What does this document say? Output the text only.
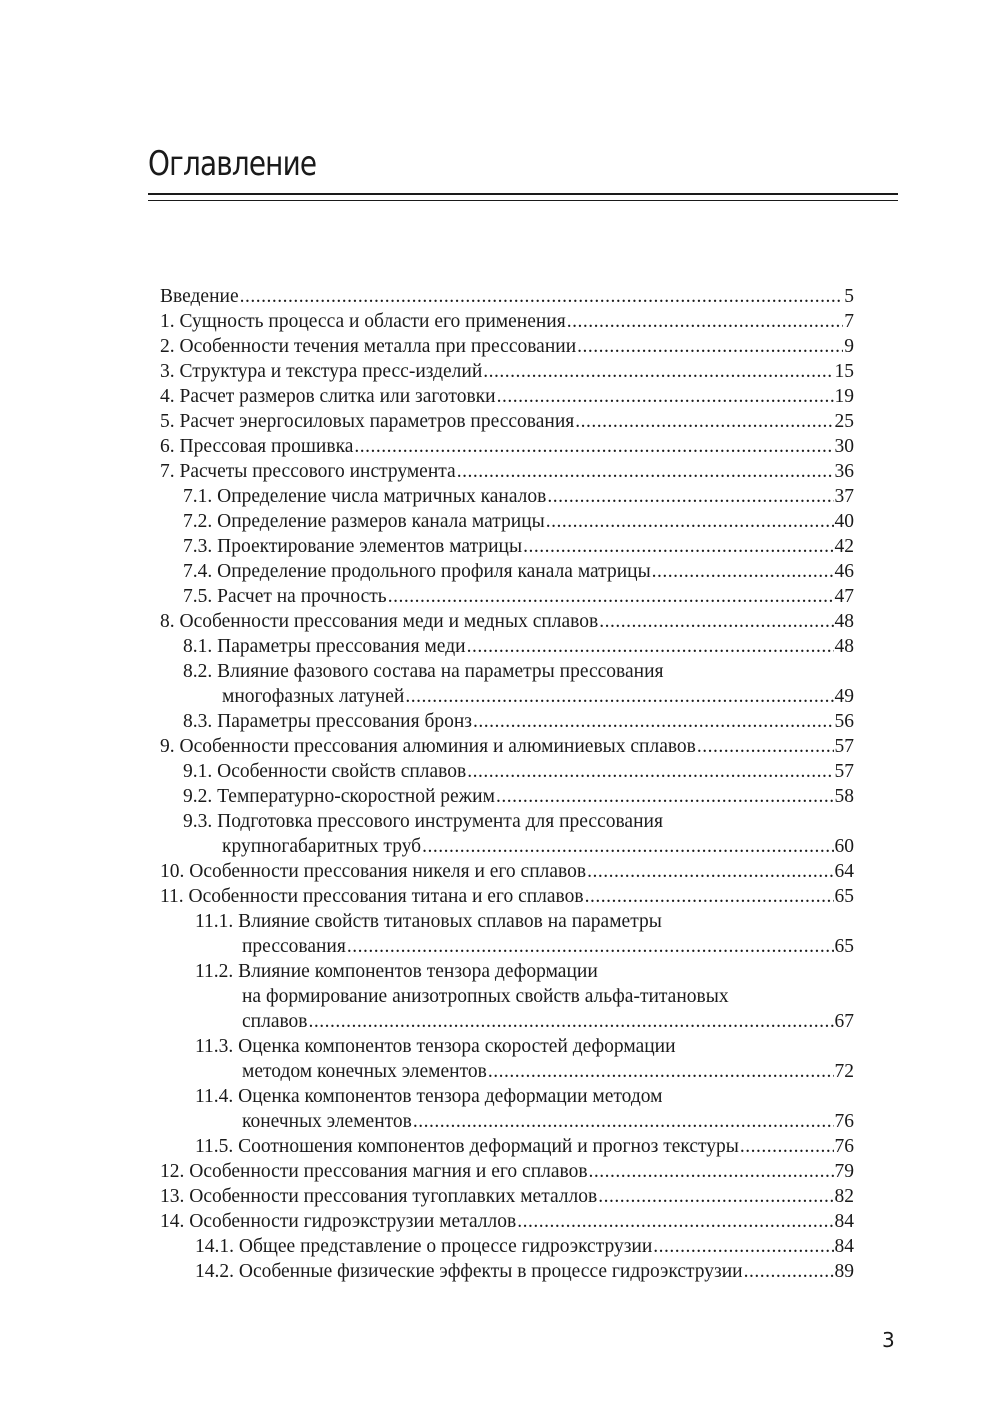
Оглавление
Введение .....	5
1. Сущность процесса и области его применения .....	7
2. Особенности течения металла при прессовании .....	9
3. Структура и текстура пресс-изделий .....	15
4. Расчет размеров слитка или заготовки .....	19
5. Расчет энергосиловых параметров прессования .....	25
6. Прессовая прошивка .....	30
7. Расчеты прессового инструмента .....	36
7.1. Определение числа матричных каналов .....	37
7.2. Определение размеров канала матрицы .....	40
7.3. Проектирование элементов матрицы .....	42
7.4. Определение продольного профиля канала матрицы .....	46
7.5. Расчет на прочность .....	47
8. Особенности прессования меди и медных сплавов .....	48
8.1. Параметры прессования меди .....	48
8.2. Влияние фазового состава на параметры прессования
многофазных латуней .....	49
8.3. Параметры прессования бронз .....	56
9. Особенности прессования алюминия и алюминиевых сплавов .....	57
9.1. Особенности свойств сплавов .....	57
9.2. Температурно-скоростной режим .....	58
9.3. Подготовка прессового инструмента для прессования
крупногабаритных труб .....	60
10. Особенности прессования никеля и его сплавов .....	64
11. Особенности прессования титана и его сплавов .....	65
11.1. Влияние свойств титановых сплавов на параметры
прессования .....	65
11.2. Влияние компонентов тензора деформации
на формирование анизотропных свойств альфа-титановых
сплавов .....	67
11.3. Оценка компонентов тензора скоростей деформации
методом конечных элементов .....	72
11.4. Оценка компонентов тензора деформации методом
конечных элементов .....	76
11.5. Соотношения компонентов деформаций и прогноз текстуры .....	76
12. Особенности прессования магния и его сплавов .....	79
13. Особенности прессования тугоплавких металлов .....	82
14. Особенности гидроэкструзии металлов .....	84
14.1. Общее представление о процессе гидроэкструзии .....	84
14.2. Особенные физические эффекты в процессе гидроэкструзии .....	89
3
